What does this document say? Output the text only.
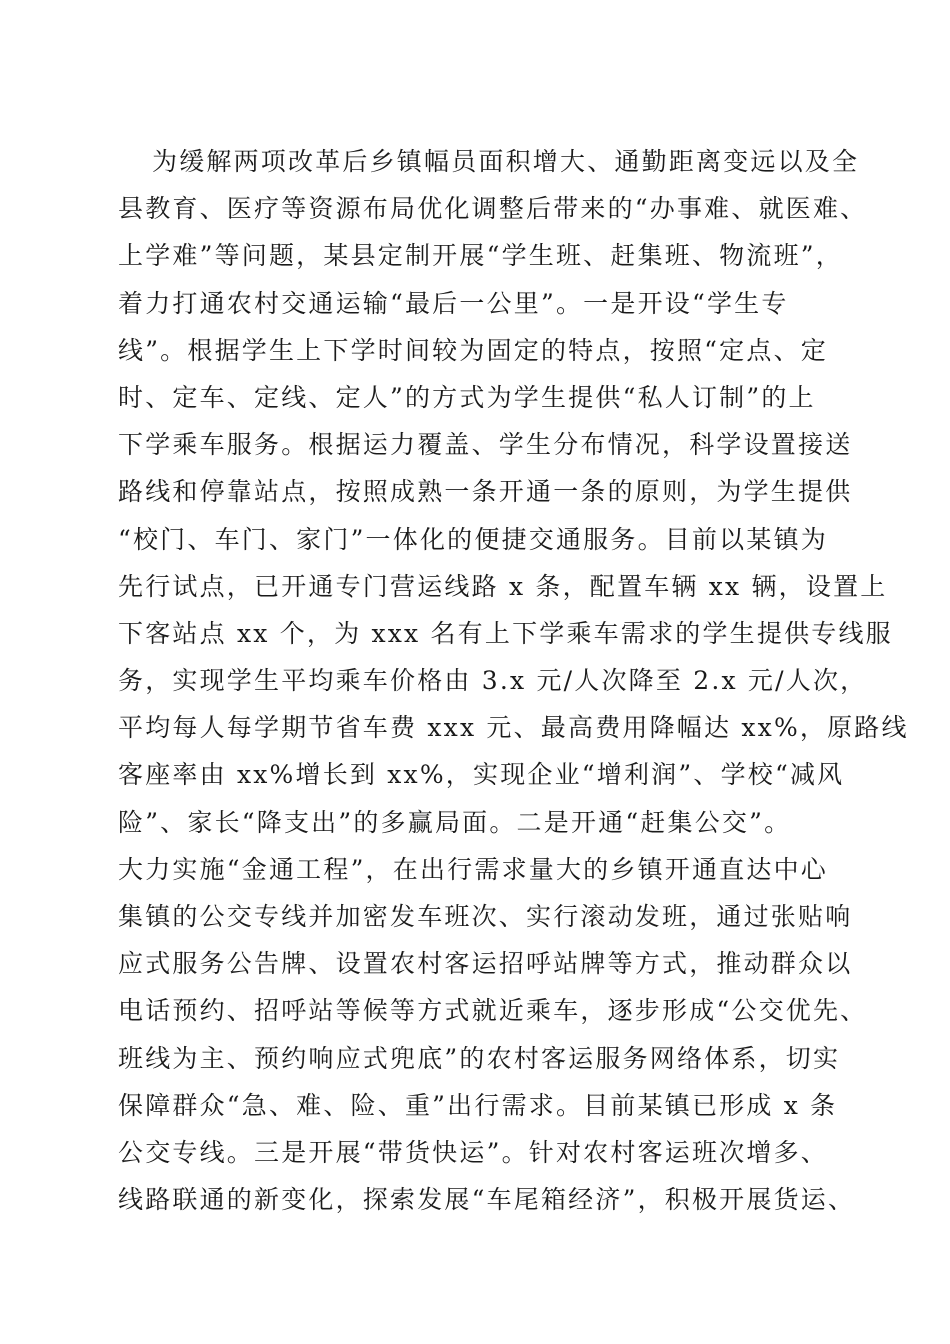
为缓解两项改革后乡镇幅员面积增大、通勤距离变远以及全
县教育、医疗等资源布局优化调整后带来的“办事难、就医难、
上学难”等问题，某县定制开展“学生班、赶集班、物流班”，
着力打通农村交通运输“最后一公里”。一是开设“学生专
线”。根据学生上下学时间较为固定的特点，按照“定点、定
时、定车、定线、定人”的方式为学生提供“私人订制”的上
下学乘车服务。根据运力覆盖、学生分布情况，科学设置接送
路线和停靠站点，按照成熟一条开通一条的原则，为学生提供
“校门、车门、家门”一体化的便捷交通服务。目前以某镇为
先行试点，已开通专门营运线路 x 条，配置车辆 xx 辆，设置上
下客站点 xx 个，为 xxx 名有上下学乘车需求的学生提供专线服
务，实现学生平均乘车价格由 3.x 元/人次降至 2.x 元/人次，
平均每人每学期节省车费 xxx 元、最高费用降幅达 xx%，原路线
客座率由 xx%增长到 xx%，实现企业“增利润”、学校“减风
险”、家长“降支出”的多赢局面。二是开通“赶集公交”。
大力实施“金通工程”，在出行需求量大的乡镇开通直达中心
集镇的公交专线并加密发车班次、实行滚动发班，通过张贴响
应式服务公告牌、设置农村客运招呼站牌等方式，推动群众以
电话预约、招呼站等候等方式就近乘车，逐步形成“公交优先、
班线为主、预约响应式兜底”的农村客运服务网络体系，切实
保障群众“急、难、险、重”出行需求。目前某镇已形成 x 条
公交专线。三是开展“带货快运”。针对农村客运班次增多、
线路联通的新变化，探索发展“车尾箱经济”，积极开展货运、
